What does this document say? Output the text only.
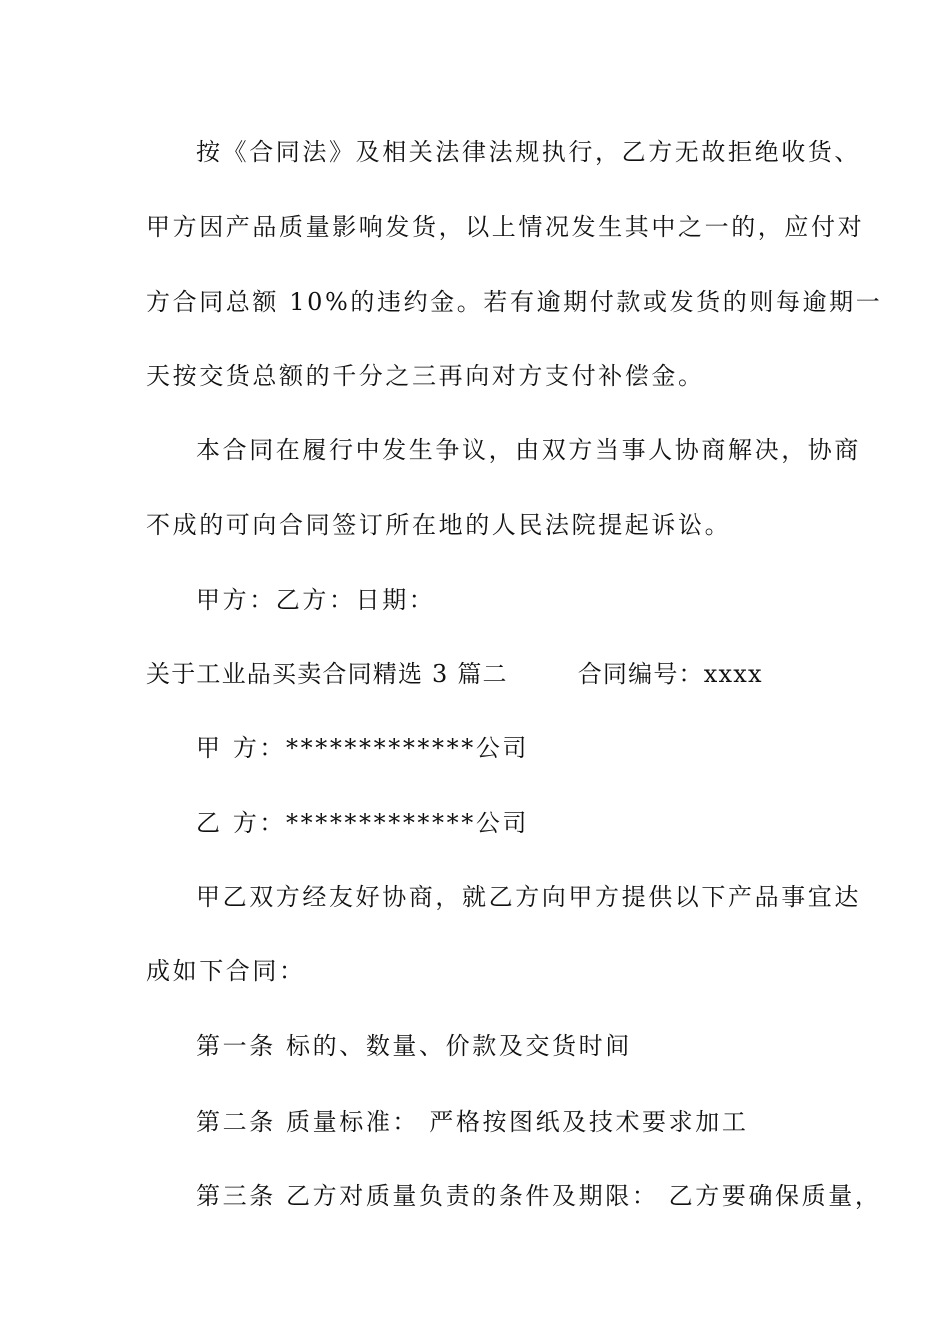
按《合同法》及相关法律法规执行，乙方无故拒绝收货、
甲方因产品质量影响发货，以上情况发生其中之一的，应付对
方合同总额 10%的违约金。若有逾期付款或发货的则每逾期一
天按交货总额的千分之三再向对方支付补偿金。
本合同在履行中发生争议，由双方当事人协商解决，协商
不成的可向合同签订所在地的人民法院提起诉讼。
甲方：乙方：日期：
关于工业品买卖合同精选 3 篇二	合同编号：xxxx
甲 方：*************公司
乙 方：*************公司
甲乙双方经友好协商，就乙方向甲方提供以下产品事宜达
成如下合同：
第一条 标的、数量、价款及交货时间
第二条 质量标准： 严格按图纸及技术要求加工
第三条 乙方对质量负责的条件及期限： 乙方要确保质量，
